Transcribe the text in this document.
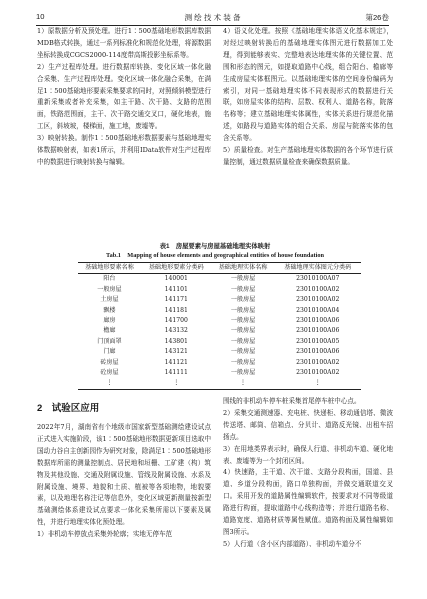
10	测 绘 技 术 装 备	第26卷

1）原数据分析及预处理。进行1∶500基础地形数据库数据MDB格式转换，通过一系列标准化和规范化处理，将源数据坐标转换成CGCS2000-114度带高斯投影坐标系等。

2）生产过程库处理。进行数据库转换、变化区域一体化融合采集、生产过程库处理。变化区域一体化融合采集，在满足1∶500基础地形要素采集要求的同时，对照倾斜模型进行重新采集或者补充采集，如主干路、次干路、支路的范围面，铁路范围面，主干、次干路交通交叉口，硬化地表，施工区，斜坡坡，楼梯面，施工地，废墟等。

3）映射转换。制作1∶500基础地形数据要素与基础地理实体数据映射表，如表1所示，并利用IData软件对生产过程库中的数据进行映射转换与编辑。

4）语义化处理。按照《基础地理实体语义化基本规定》，对经过映射转换后的基础地理实体图元进行数据加工处理，得到能够表实、完整地表达地理实体的关键位置、范围和形态的图元，如提取道路中心线，组合阳台、檐廊等生成房屋实体框图元。以基础地理实体的空间身份编码为索引，对同一基础地理实体不同表现形式的数据进行关联，如房屋实体的结构、层数、权利人、道路名称，院落名称等；建立基础地理实体属性，实体关系进行规范化描述，如路段与道路实体的组合关系、房屋与院落实体的包含关系等。

5）质量检查。对生产基础地理实体数据的各个环节进行质量控制，通过数据质量检查来确保数据质量。

表1　房屋要素与房屋基础地理实体映射
Tab.1　Mapping of house elements and geographical entities of house foundation
基础地形要素名称	基础地形要素分类码	基础地理实体名称	基础地理实体图元分类码
阳台	140001	一般房屋	23010100A07
一般房屋	141101	一般房屋	23010100A02
土房屋	141171	一般房屋	23010100A02
飘楼	141181	一般房屋	23010100A04
廊房	141700	一般房屋	23010100A06
檐廊	143132	一般房屋	23010100A06
门顶面罩	143801	一般房屋	23010100A05
门廊	143121	一般房屋	23010100A06
砖房屋	141121	一般房屋	23010100A02
砼房屋	141111	一般房屋	23010100A02
⋮	⋮	⋮	⋮
2　试验区应用

2022年7月，湖南省有个地级市国家新型基础测绘建设试点正式进入实施阶段，该1∶500基础地形数据更新项目选取中国动力谷自主创新园作为研究对象，除满足1∶500基础地形数据库所需的测量控制点、居民地和垣栅、工矿建（构）筑物及其他设施、交通及附属设施、管线及附属设施、水系及附属设施、境界、地貌和土质、植被等各项地物，地貌要素，以及地理名称注记等信息外，变化区域更新测量按新型基础测绘体系建设试点要求一体化采集所需以下要素及属性，并进行地理实体化预处理。

1）非机动车停放点采集外轮廓；实地无停车范

围线的非机动车停车桩采集首尾停车桩中心点。

2）采集交通测速器、充电桩、快递柜、移动通信塔、微波传送塔、邮筒、信箱点、分贝计、道路反光镜、出租车招扬点。

3）在用地类界表示时，确保人行道、非机动车道、硬化地表、废墟等为一个封闭区间。

4）快速路，主干道、次干道、支路分段构面，国道、县道、乡道分段构面，路口单独构面，并做交通联道交叉口。采用开发的道路属性编辑软件，按要求对不同等级道路进行构面，提取道路中心线构造等；并进行道路名称、道路宽度、道路材质等属性赋值。道路构面及属性编辑如图3所示。

5）人行道（含小区内部道路）、非机动车道分不
